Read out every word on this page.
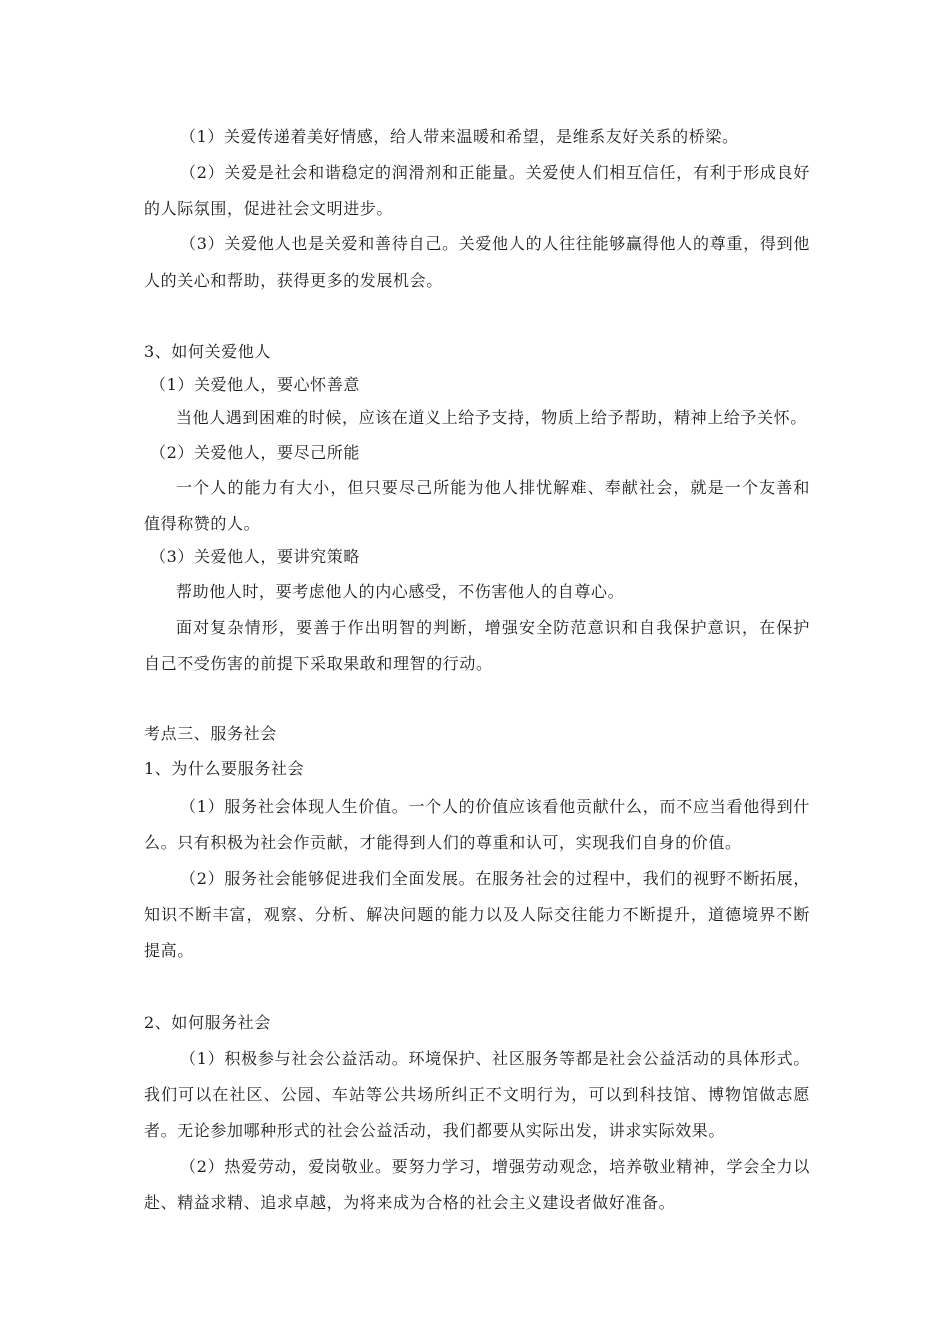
（1）关爱传递着美好情感，给人带来温暖和希望，是维系友好关系的桥梁。
（2）关爱是社会和谐稳定的润滑剂和正能量。关爱使人们相互信任，有利于形成良好
的人际氛围，促进社会文明进步。
（3）关爱他人也是关爱和善待自己。关爱他人的人往往能够赢得他人的尊重，得到他
人的关心和帮助，获得更多的发展机会。
3、如何关爱他人
（1）关爱他人，要心怀善意
当他人遇到困难的时候，应该在道义上给予支持，物质上给予帮助，精神上给予关怀。
（2）关爱他人，要尽己所能
一个人的能力有大小，但只要尽己所能为他人排忧解难、奉献社会，就是一个友善和
值得称赞的人。
（3）关爱他人，要讲究策略
帮助他人时，要考虑他人的内心感受，不伤害他人的自尊心。
面对复杂情形，要善于作出明智的判断，增强安全防范意识和自我保护意识，在保护
自己不受伤害的前提下采取果敢和理智的行动。
考点三、服务社会
1、为什么要服务社会
（1）服务社会体现人生价值。一个人的价值应该看他贡献什么，而不应当看他得到什
么。只有积极为社会作贡献，才能得到人们的尊重和认可，实现我们自身的价值。
（2）服务社会能够促进我们全面发展。在服务社会的过程中，我们的视野不断拓展，
知识不断丰富，观察、分析、解决问题的能力以及人际交往能力不断提升，道德境界不断
提高。
2、如何服务社会
（1）积极参与社会公益活动。环境保护、社区服务等都是社会公益活动的具体形式。
我们可以在社区、公园、车站等公共场所纠正不文明行为，可以到科技馆、博物馆做志愿
者。无论参加哪种形式的社会公益活动，我们都要从实际出发，讲求实际效果。
（2）热爱劳动，爱岗敬业。要努力学习，增强劳动观念，培养敬业精神，学会全力以
赴、精益求精、追求卓越，为将来成为合格的社会主义建设者做好准备。
